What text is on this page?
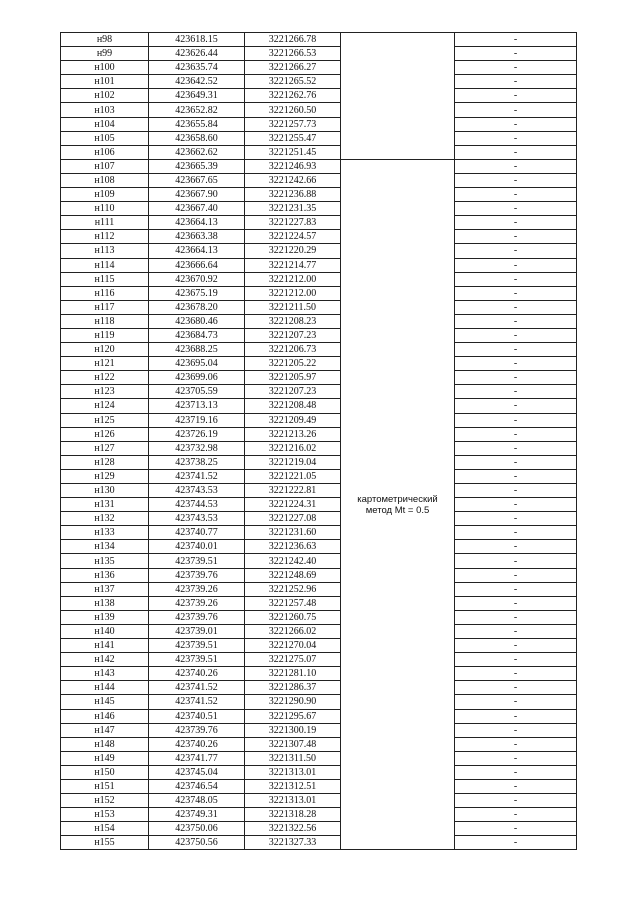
н98	423618.15	3221266.78		-
н99	423626.44	3221266.53		-
н100	423635.74	3221266.27		-
н101	423642.52	3221265.52		-
н102	423649.31	3221262.76		-
н103	423652.82	3221260.50		-
н104	423655.84	3221257.73		-
н105	423658.60	3221255.47		-
н106	423662.62	3221251.45		-
н107	423665.39	3221246.93	картометрический метод Mt = 0.5	-
н108	423667.65	3221242.66		-
н109	423667.90	3221236.88		-
н110	423667.40	3221231.35		-
н111	423664.13	3221227.83		-
н112	423663.38	3221224.57		-
н113	423664.13	3221220.29		-
н114	423666.64	3221214.77		-
н115	423670.92	3221212.00		-
н116	423675.19	3221212.00		-
н117	423678.20	3221211.50		-
н118	423680.46	3221208.23		-
н119	423684.73	3221207.23		-
н120	423688.25	3221206.73		-
н121	423695.04	3221205.22		-
н122	423699.06	3221205.97		-
н123	423705.59	3221207.23		-
н124	423713.13	3221208.48		-
н125	423719.16	3221209.49		-
н126	423726.19	3221213.26		-
н127	423732.98	3221216.02		-
н128	423738.25	3221219.04		-
н129	423741.52	3221221.05		-
н130	423743.53	3221222.81		-
н131	423744.53	3221224.31		-
н132	423743.53	3221227.08		-
н133	423740.77	3221231.60		-
н134	423740.01	3221236.63		-
н135	423739.51	3221242.40		-
н136	423739.76	3221248.69		-
н137	423739.26	3221252.96		-
н138	423739.26	3221257.48		-
н139	423739.76	3221260.75		-
н140	423739.01	3221266.02		-
н141	423739.51	3221270.04		-
н142	423739.51	3221275.07		-
н143	423740.26	3221281.10		-
н144	423741.52	3221286.37		-
н145	423741.52	3221290.90		-
н146	423740.51	3221295.67		-
н147	423739.76	3221300.19		-
н148	423740.26	3221307.48		-
н149	423741.77	3221311.50		-
н150	423745.04	3221313.01		-
н151	423746.54	3221312.51		-
н152	423748.05	3221313.01		-
н153	423749.31	3221318.28		-
н154	423750.06	3221322.56		-
н155	423750.56	3221327.33		-
